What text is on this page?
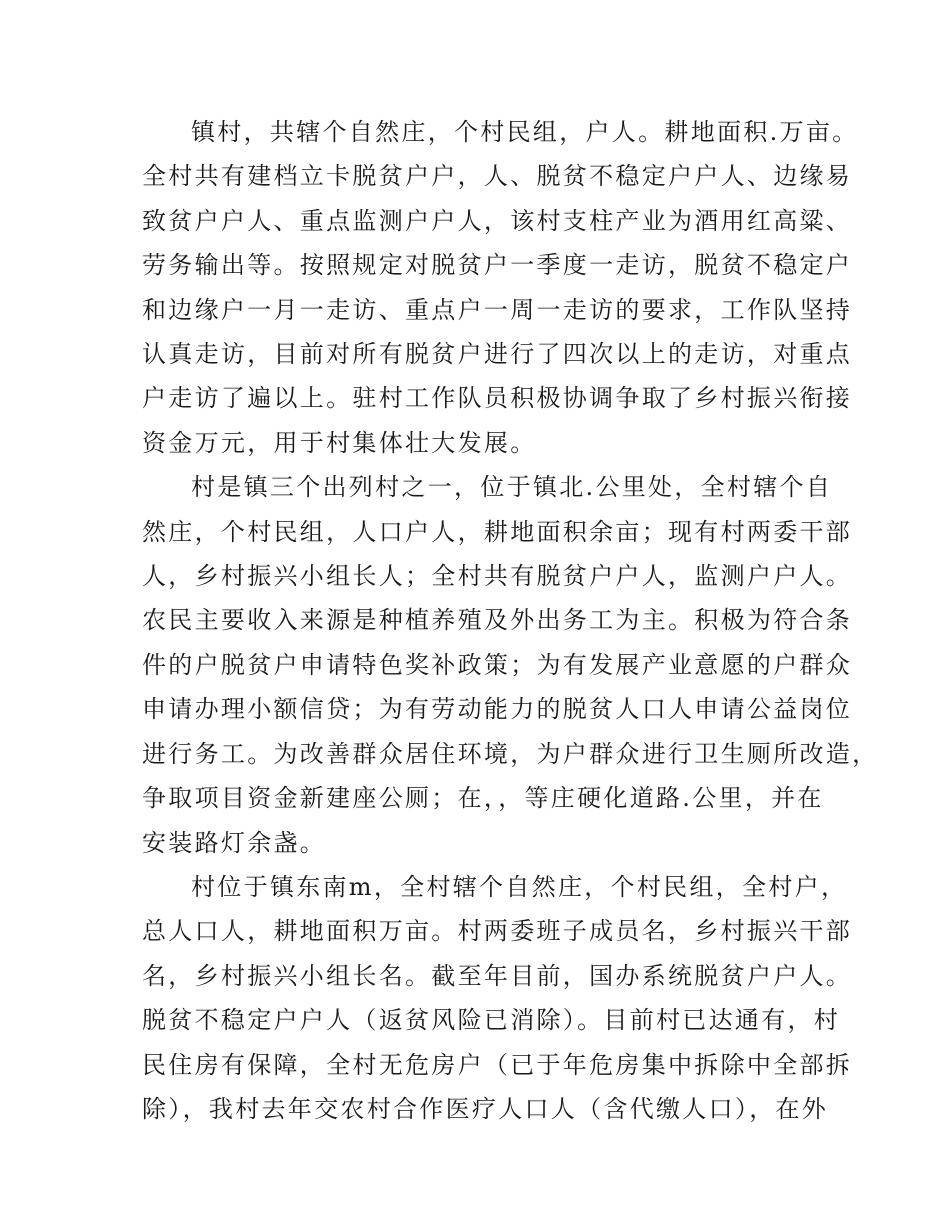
镇村，共辖个自然庄，个村民组，户人。耕地面积.万亩。
全村共有建档立卡脱贫户户，人、脱贫不稳定户户人、边缘易
致贫户户人、重点监测户户人，该村支柱产业为酒用红高粱、
劳务输出等。按照规定对脱贫户一季度一走访，脱贫不稳定户
和边缘户一月一走访、重点户一周一走访的要求，工作队坚持
认真走访，目前对所有脱贫户进行了四次以上的走访，对重点
户走访了遍以上。驻村工作队员积极协调争取了乡村振兴衔接
资金万元，用于村集体壮大发展。

村是镇三个出列村之一，位于镇北.公里处，全村辖个自
然庄，个村民组，人口户人，耕地面积余亩；现有村两委干部
人，乡村振兴小组长人；全村共有脱贫户户人，监测户户人。
农民主要收入来源是种植养殖及外出务工为主。积极为符合条
件的户脱贫户申请特色奖补政策；为有发展产业意愿的户群众
申请办理小额信贷；为有劳动能力的脱贫人口人申请公益岗位
进行务工。为改善群众居住环境，为户群众进行卫生厕所改造，
争取项目资金新建座公厕；在，，等庄硬化道路.公里，并在
安装路灯余盏。

村位于镇东南m，全村辖个自然庄，个村民组，全村户，
总人口人，耕地面积万亩。村两委班子成员名，乡村振兴干部
名，乡村振兴小组长名。截至年目前，国办系统脱贫户户人。
脱贫不稳定户户人（返贫风险已消除）。目前村已达通有，村
民住房有保障，全村无危房户（已于年危房集中拆除中全部拆
除），我村去年交农村合作医疗人口人（含代缴人口），在外
